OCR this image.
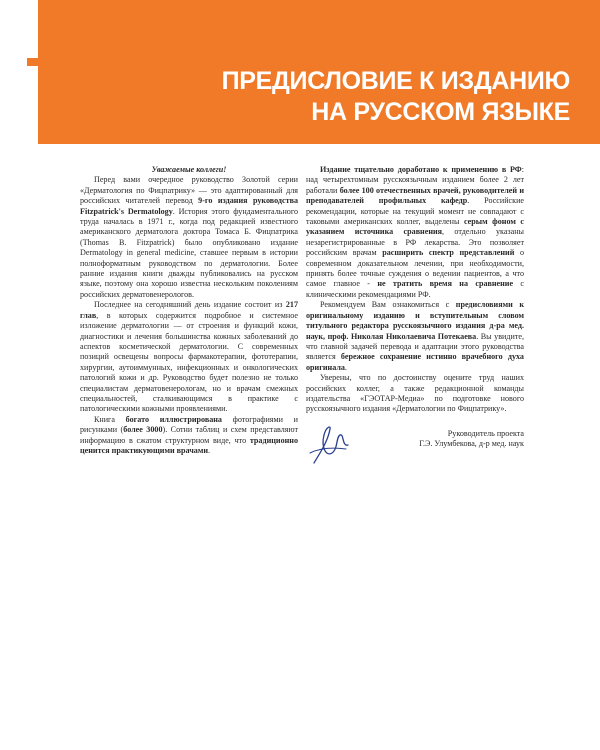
ПРЕДИСЛОВИЕ К ИЗДАНИЮ
НА РУССКОМ ЯЗЫКЕ

Уважаемые коллеги!

Перед вами очередное руководство Золотой серии «Дерматология по Фицпатрику» — это адаптированный для российских читателей перевод 9-го издания руководства Fitzpatrick's Dermatology. История этого фундаментального труда началась в 1971 г., когда под редакцией известного американского дерматолога доктора Томаса Б. Фицпатрика (Thomas B. Fitzpatrick) было опубликовано издание Dermatology in general medicine, ставшее первым в истории полноформатным руководством по дерматологии. Более ранние издания книги дважды публиковались на русском языке, поэтому она хорошо известна нескольким поколениям российских дерматовенерологов.

Последнее на сегодняшний день издание состоит из 217 глав, в которых содержится подробное и системное изложение дерматологии — от строения и функций кожи, диагностики и лечения большинства кожных заболеваний до аспектов косметической дерматологии. С современных позиций освещены вопросы фармакотерапии, фототерапии, хирургии, аутоиммунных, инфекционных и онкологических патологий кожи и др. Руководство будет полезно не только специалистам дерматовенерологам, но и врачам смежных специальностей, сталкивающимся в практике с патологическими кожными проявлениями.

Книга богато иллюстрирована фотографиями и рисунками (более 3000). Сотни таблиц и схем представляют информацию в сжатом структурном виде, что традиционно ценится практикующими врачами.

Издание тщательно доработано к применению в РФ: над четырехтомным русскоязычным изданием более 2 лет работали более 100 отечественных врачей, руководителей и преподавателей профильных кафедр. Российские рекомендации, которые на текущий момент не совпадают с таковыми американских коллег, выделены серым фоном с указанием источника сравнения, отдельно указаны незарегистрированные в РФ лекарства. Это позволяет российским врачам расширить спектр представлений о современном доказательном лечении, при необходимости, принять более точные суждения о ведении пациентов, а что самое главное - не тратить время на сравнение с клиническими рекомендациями РФ.

Рекомендуем Вам ознакомиться с предисловиями к оригинальному изданию и вступительным словом титульного редактора русскоязычного издания д-ра мед. наук, проф. Николая Николаевича Потекаева. Вы увидите, что главной задачей перевода и адаптации этого руководства является бережное сохранение истинно врачебного духа оригинала.

Уверены, что по достоинству оцените труд наших российских коллег, а также редакционной команды издательства «ГЭОТАР-Медиа» по подготовке нового русскоязычного издания «Дерматологии по Фицпатрику».

Руководитель проекта
Г.Э. Улумбекова, д-р мед. наук
